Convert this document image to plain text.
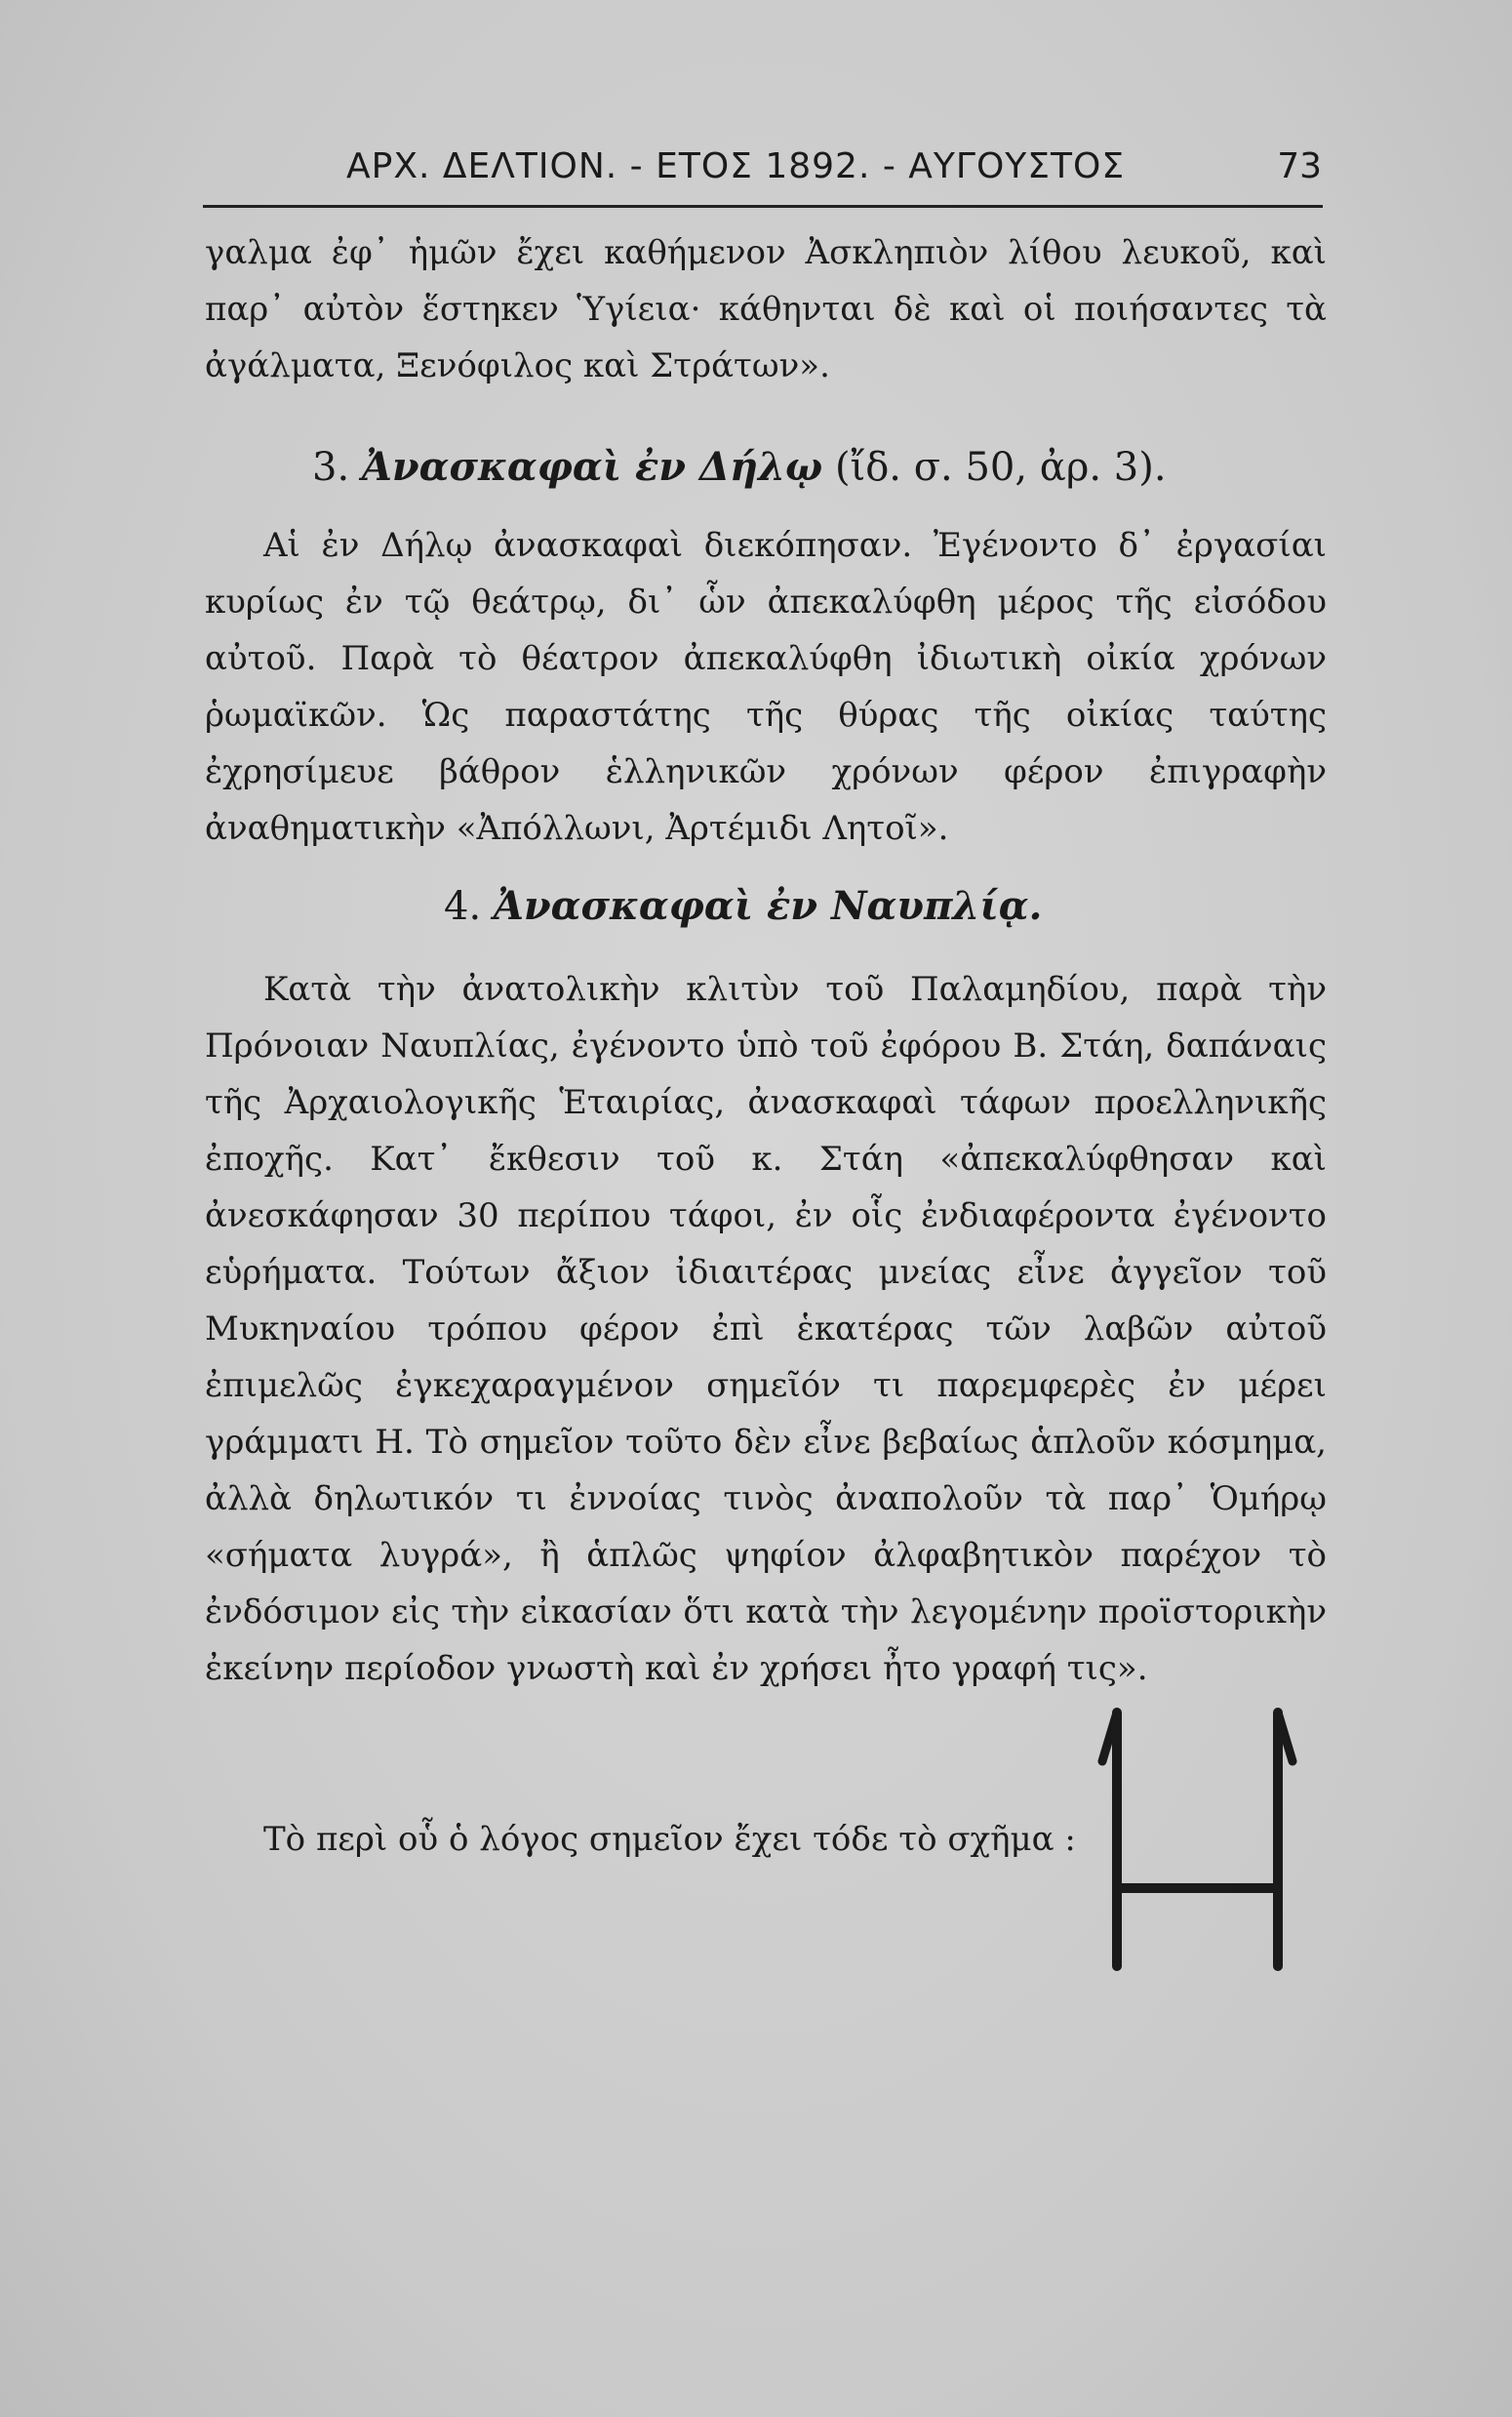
ΑΡΧ. ΔΕΛΤΙΟΝ. - ΕΤΟΣ 1892. - ΑΥΓΟΥΣΤΟΣ	73
γαλμα ἐφ᾽ ἡμῶν ἔχει καθήμενον Ἀσκληπιὸν λίθου λευκοῦ, καὶ παρ᾽ αὐτὸν ἕστηκεν Ὑγίεια· κάθηνται δὲ καὶ οἱ ποιήσαντες τὰ ἀγάλματα, Ξενόφιλος καὶ Στράτων».
3. Ἀνασκαφαὶ ἐν Δήλῳ (ἴδ. σ. 50, ἀρ. 3).
Αἱ ἐν Δήλῳ ἀνασκαφαὶ διεκόπησαν. Ἐγένοντο δ᾽ ἐργασίαι κυρίως ἐν τῷ θεάτρῳ, δι᾽ ὧν ἀπεκαλύφθη μέρος τῆς εἰσόδου αὐτοῦ. Παρὰ τὸ θέατρον ἀπεκαλύφθη ἰδιωτικὴ οἰκία χρόνων ῥωμαϊκῶν. Ὡς παραστάτης τῆς θύρας τῆς οἰκίας ταύτης ἐχρησίμευε βάθρον ἑλληνικῶν χρόνων φέρον ἐπιγραφὴν ἀναθηματικὴν «Ἀπόλλωνι, Ἀρτέμιδι Λητοῖ».
4. Ἀνασκαφαὶ ἐν Ναυπλίᾳ.
Κατὰ τὴν ἀνατολικὴν κλιτὺν τοῦ Παλαμηδίου, παρὰ τὴν Πρόνοιαν Ναυπλίας, ἐγένοντο ὑπὸ τοῦ ἐφόρου Β. Στάη, δαπάναις τῆς Ἀρχαιολογικῆς Ἑταιρίας, ἀνασκαφαὶ τάφων προελληνικῆς ἐποχῆς. Κατ᾽ ἔκθεσιν τοῦ κ. Στάη «ἀπεκαλύφθησαν καὶ ἀνεσκάφησαν 30 περίπου τάφοι, ἐν οἷς ἐνδιαφέροντα ἐγένοντο εὑρήματα. Τούτων ἄξιον ἰδιαιτέρας μνείας εἶνε ἀγγεῖον τοῦ Μυκηναίου τρόπου φέρον ἐπὶ ἑκατέρας τῶν λαβῶν αὐτοῦ ἐπιμελῶς ἐγκεχαραγμένον σημεῖόν τι παρεμφερὲς ἐν μέρει γράμματι Η. Τὸ σημεῖον τοῦτο δὲν εἶνε βεβαίως ἁπλοῦν κόσμημα, ἀλλὰ δηλωτικόν τι ἐννοίας τινὸς ἀναπολοῦν τὰ παρ᾽ Ὁμήρῳ «σήματα λυγρά», ἢ ἁπλῶς ψηφίον ἀλφαβητικὸν παρέχον τὸ ἐνδόσιμον εἰς τὴν εἰκασίαν ὅτι κατὰ τὴν λεγομένην προϊστορικὴν ἐκείνην περίοδον γνωστὴ καὶ ἐν χρήσει ἦτο γραφή τις».
Τὸ περὶ οὗ ὁ λόγος σημεῖον ἔχει τόδε τὸ σχῆμα :
